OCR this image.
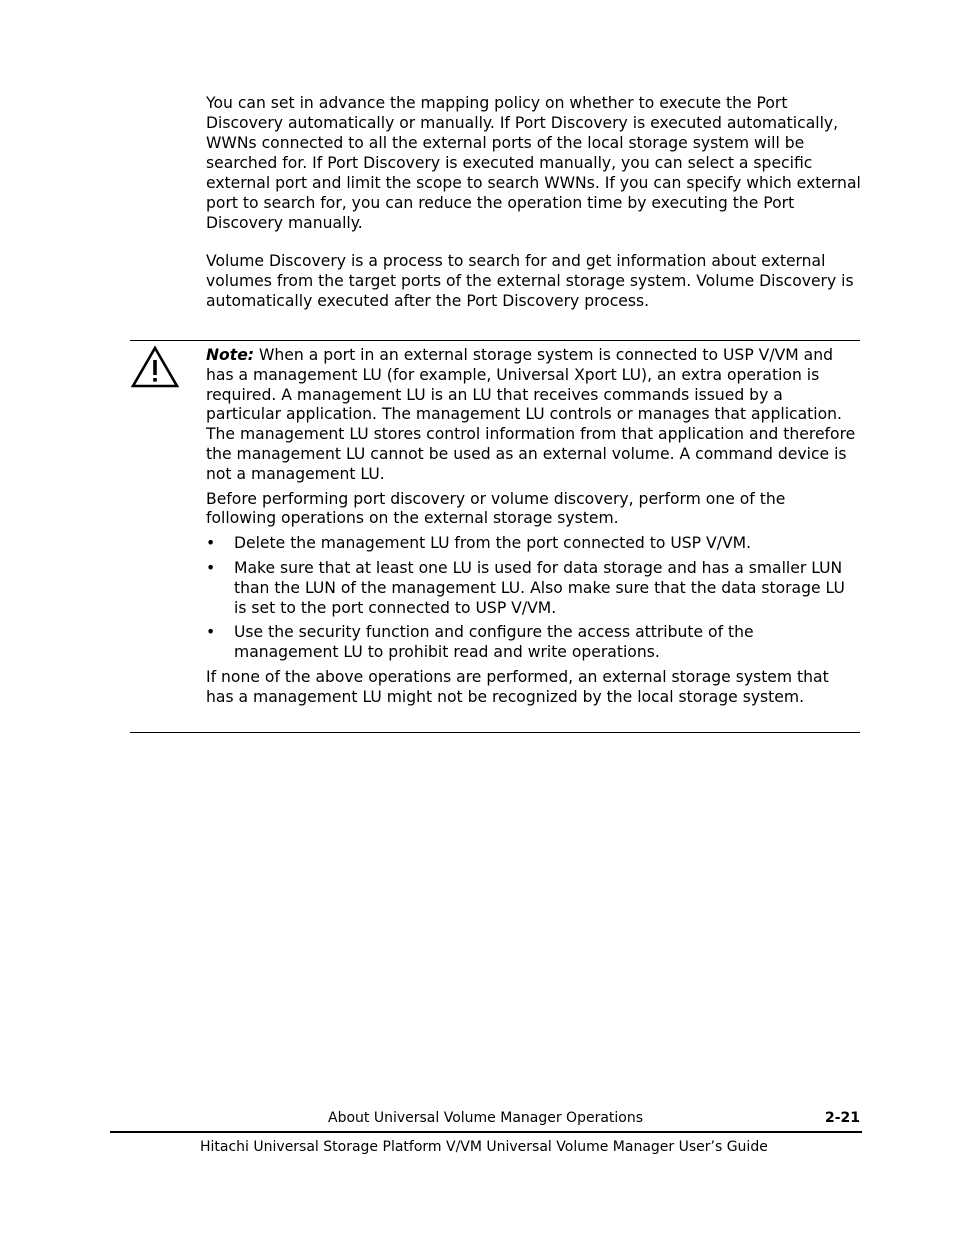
You can set in advance the mapping policy on whether to execute the Port Discovery automatically or manually. If Port Discovery is executed automatically, WWNs connected to all the external ports of the local storage system will be searched for. If Port Discovery is executed manually, you can select a specific external port and limit the scope to search WWNs. If you can specify which external port to search for, you can reduce the operation time by executing the Port Discovery manually.

Volume Discovery is a process to search for and get information about external volumes from the target ports of the external storage system. Volume Discovery is automatically executed after the Port Discovery process.

Note: When a port in an external storage system is connected to USP V/VM and has a management LU (for example, Universal Xport LU), an extra operation is required. A management LU is an LU that receives commands issued by a particular application. The management LU controls or manages that application. The management LU stores control information from that application and therefore the management LU cannot be used as an external volume. A command device is not a management LU.

Before performing port discovery or volume discovery, perform one of the following operations on the external storage system.

• Delete the management LU from the port connected to USP V/VM.
• Make sure that at least one LU is used for data storage and has a smaller LUN than the LUN of the management LU. Also make sure that the data storage LU is set to the port connected to USP V/VM.
• Use the security function and configure the access attribute of the management LU to prohibit read and write operations.

If none of the above operations are performed, an external storage system that has a management LU might not be recognized by the local storage system.

About Universal Volume Manager Operations	2-21
Hitachi Universal Storage Platform V/VM Universal Volume Manager User’s Guide
